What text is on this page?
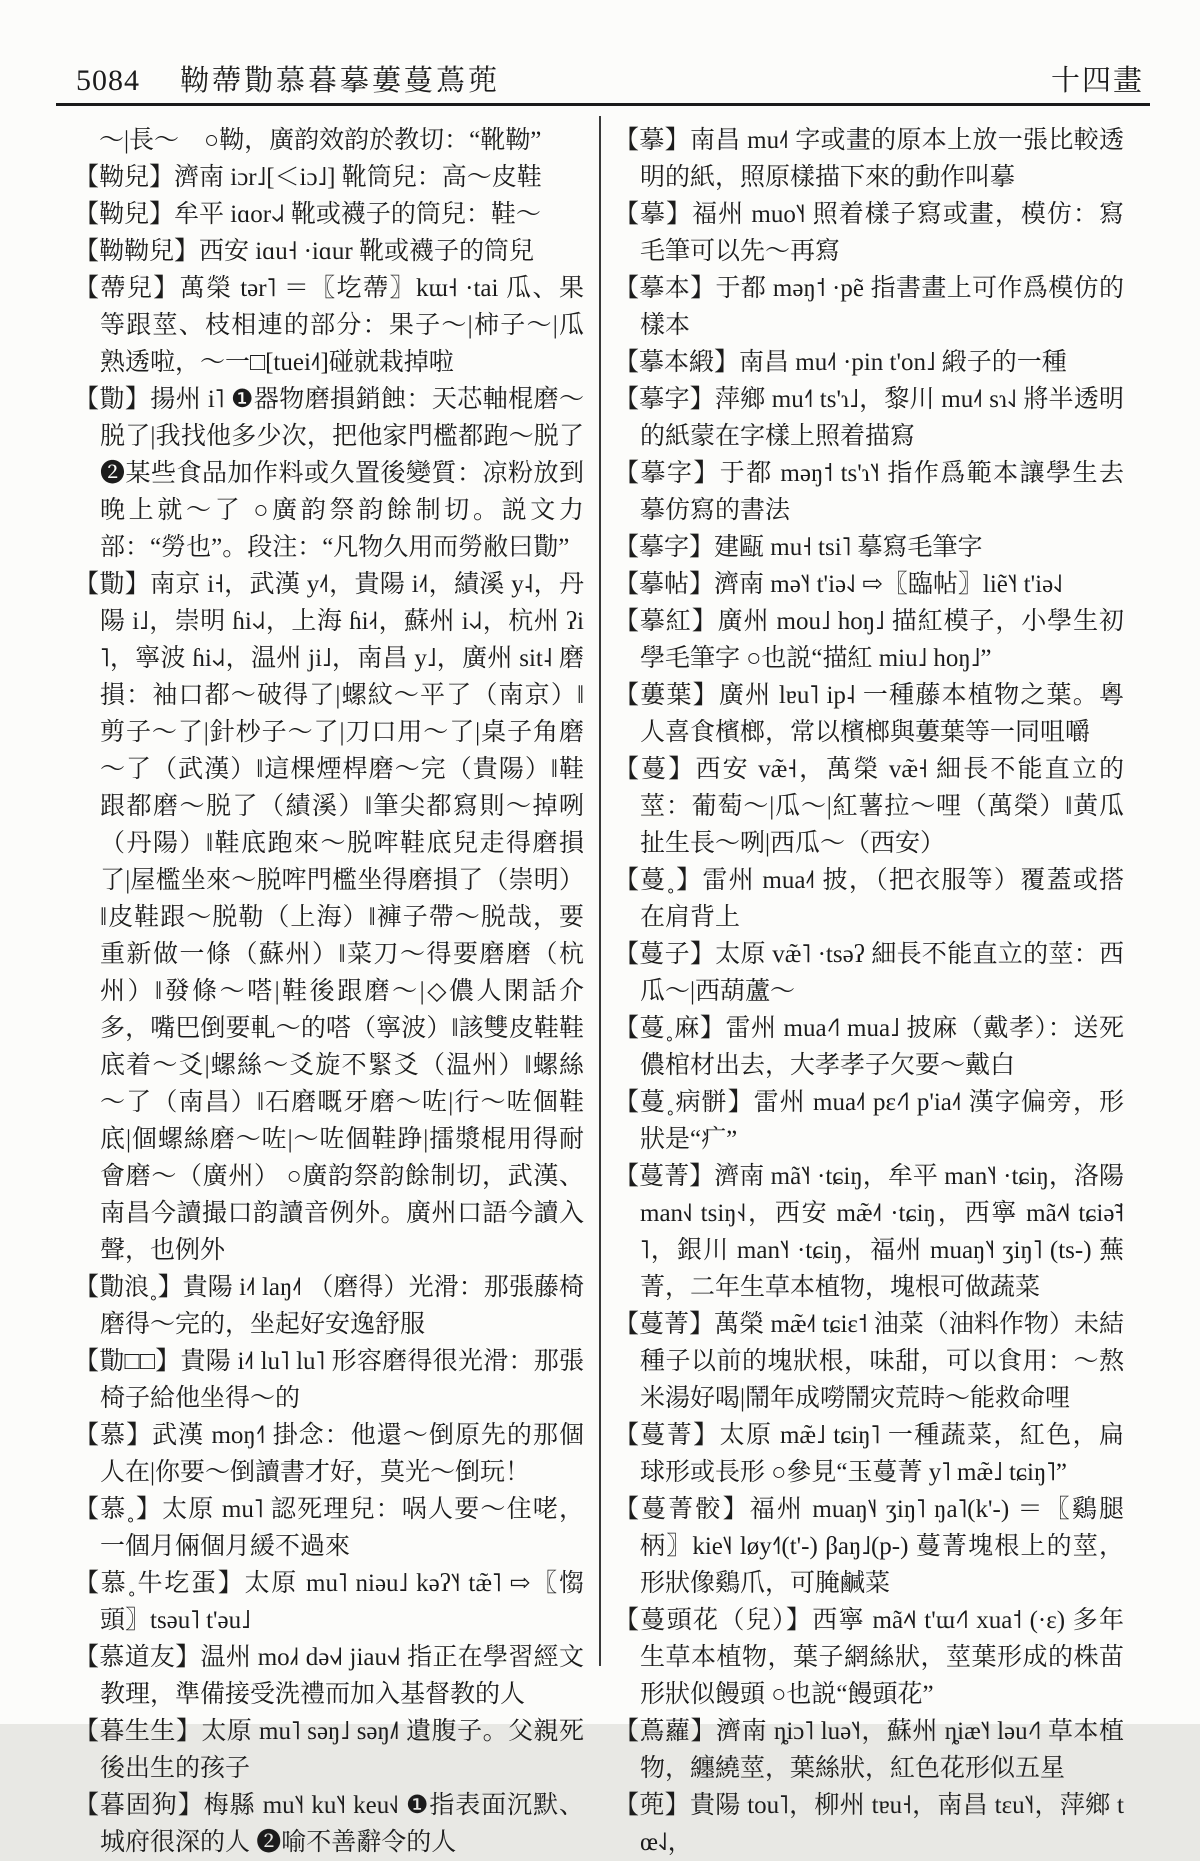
5084 靿蔕勩慕暮摹蔞蔓蔦蔸	十四畫

　～|長～　○靿，廣韵效韵於教切：“靴靿”

【靿兒】濟南 iɔr˩[＜iɔ˩] 靴筒兒：高～皮鞋

【靿兒】牟平 iɑor˨˩˨ 靴或襪子的筒兒：鞋～

【靿靿兒】西安 iɑu˧ ·iɑur 靴或襪子的筒兒

【蔕兒】萬榮 tər˥ ＝〖圪蔕〗kɯ˧ ·tai 瓜、果等跟莖、枝相連的部分：果子～|柿子～|瓜熟透啦，～一□[tuei˨˦]碰就栽掉啦

【勩】揚州 i˥ ❶器物磨損銷蝕：天芯軸棍磨～脱了|我找他多少次，把他家門檻都跑～脱了 ❷某些食品加作料或久置後變質：凉粉放到晚上就～了 ○廣韵祭韵餘制切。説文力部：“勞也”。段注：“凡物久用而勞敝曰勩”

【勩】南京 i˧，武漢 y˨˦，貴陽 i˨˦，績溪 y˨，丹陽 i˩，崇明 ɦi˨˩˨，上海 ɦi˨˧，蘇州 i˨˩˨，杭州 ʔi˥，寧波 ɦi˨˩˨，温州 ji˩，南昌 y˩，廣州 sit˨ 磨損：袖口都～破得了|螺紋～平了（南京）‖剪子～了|針杪子～了|刀口用～了|桌子角磨～了（武漢）‖這棵煙桿磨～完（貴陽）‖鞋跟都磨～脱了（績溪）‖筆尖都寫則～掉咧（丹陽）‖鞋底跑來～脱哰鞋底兒走得磨損了|屋檻坐來～脱哰門檻坐得磨損了（崇明）‖皮鞋跟～脱勒（上海）‖褲子帶～脱哉，要重新做一條（蘇州）‖菜刀～得要磨磨（杭州）‖發條～嗒|鞋後跟磨～|◇儂人閑話介多，嘴巴倒要軋～的嗒（寧波）‖該雙皮鞋鞋底着～爻|螺絲～爻旋不緊爻（温州）‖螺絲～了（南昌）‖石磨嘅牙磨～咗|行～咗個鞋底|個螺絲磨～咗|～咗個鞋踭|擂漿棍用得耐會磨～（廣州） ○廣韵祭韵餘制切，武漢、南昌今讀撮口韵讀音例外。廣州口語今讀入聲，也例外

【勩浪˳】貴陽 i˨˦ laŋ˨˦ （磨得）光滑：那張藤椅磨得～完的，坐起好安逸舒服

【勩□□】貴陽 i˨˦ lu˥ lu˥ 形容磨得很光滑：那張椅子給他坐得～的

【慕】武漢 moŋ˧˥ 掛念：他還～倒原先的那個人在|你要～倒讀書才好，莫光～倒玩！

【慕˳】太原 mu˥ 認死理兒：㖞人要～住咾，一個月倆個月緩不過來

【慕˳牛圪蛋】太原 mu˥ niəu˩ kəʔ˥˧ tæ̃˥ ⇨〖㥮頭〗tsəu˥ t'əu˩

【慕道友】温州 mo˩˧ də˧˩˧ jiau˧˩˧ 指正在學習經文教理，準備接受洗禮而加入基督教的人

【暮生生】太原 mu˥ səŋ˩ səŋ˩˥ 遺腹子。父親死後出生的孩子

【暮固狗】梅縣 mu˥˧ ku˥˧ keu˧˩ ❶指表面沉默、城府很深的人 ❷喻不善辭令的人

【摹】南昌 mu˨˦ 字或畫的原本上放一張比較透明的紙，照原樣描下來的動作叫摹

【摹】福州 muo˥˧ 照着樣子寫或畫，模仿：寫毛筆可以先～再寫

【摹本】于都 məŋ˦ ·pẽ 指書畫上可作爲模仿的樣本

【摹本緞】南昌 mu˨˦ ·pin t'on˩ 緞子的一種

【摹字】萍鄉 mu˧˥ ts'ɿ˩，黎川 mu˨˦ sɿ˨˩ 將半透明的紙蒙在字樣上照着描寫

【摹字】于都 məŋ˦ ts'ɿ˥˧ 指作爲範本讓學生去摹仿寫的書法

【摹字】建甌 mu˧ tsi˥ 摹寫毛筆字

【摹帖】濟南 mə˥˧ t'iə˨˩ ⇨〖臨帖〗liẽ˥˧ t'iə˨˩

【摹紅】廣州 mou˩ hoŋ˩ 描紅模子，小學生初學毛筆字 ○也説“描紅 miu˩ hoŋ˩”

【蔞葉】廣州 lɐu˥ ip˨ 一種藤本植物之葉。粵人喜食檳榔，常以檳榔與蔞葉等一同咀嚼

【蔓】西安 væ̃˧，萬榮 væ̃˧ 細長不能直立的莖：葡萄～|瓜～|紅薯拉～哩（萬榮）‖黄瓜扯生長～咧|西瓜～（西安）

【蔓˳】雷州 mua˨˦ 披，（把衣服等）覆蓋或搭在肩背上

【蔓子】太原 væ̃˥ ·tsəʔ 細長不能直立的莖：西瓜～|西葫蘆～

【蔓˳麻】雷州 mua˨˦˥ mua˩ 披麻（戴孝）：送死儂棺材出去，大孝孝子欠要～戴白

【蔓˳病骿】雷州 mua˨˦ pɛ˨˦˥ p'ia˨˦ 漢字偏旁，形狀是“疒”

【蔓菁】濟南 mã˥˧ ·tɕiŋ，牟平 man˥˧ ·tɕiŋ，洛陽 man˧˩ tsiŋ˧˨，西安 mæ̃˨˦ ·tɕiŋ，西寧 mã˨˦˨ tɕiə̃˧˥，銀川 man˥˧ ·tɕiŋ，福州 muaŋ˥˧ ʒiŋ˥ (ts-) 蕪菁，二年生草本植物，塊根可做蔬菜

【蔓菁】萬榮 mæ̃˨˦ tɕiɛ˦ 油菜（油料作物）未結種子以前的塊狀根，味甜，可以食用：～熬米湯好喝|鬧年成嘮鬧灾荒時～能救命哩

【蔓菁】太原 mæ̃˩ tɕiŋ˥ 一種蔬菜，紅色，扁球形或長形 ○參見“玉蔓菁 y˥ mæ̃˩ tɕiŋ˥”

【蔓菁骹】福州 muaŋ˥˨ ʒiŋ˥ ŋa˥(k'-) ＝〖鷄腿柄〗kie˥˨ løy˧˥(t'-) βaŋ˩(p-) 蔓菁塊根上的莖，形狀像鷄爪，可腌鹹菜

【蔓頭花（兒）】西寧 mã˨˦˨ t'ɯ˨˦˥ xua˦ (·ɛ) 多年生草本植物，葉子網絲狀，莖葉形成的株苗形狀似饅頭 ○也説“饅頭花”

【蔦蘿】濟南 ȵiɔ˥ luə˥˧，蘇州 ȵiæ˥˧ ləu˨˦˥ 草本植物，纏繞莖，葉絲狀，紅色花形似五星

【蔸】貴陽 tou˥，柳州 tɐu˧，南昌 tɛu˥˧，萍鄉 tœ˨˩，
